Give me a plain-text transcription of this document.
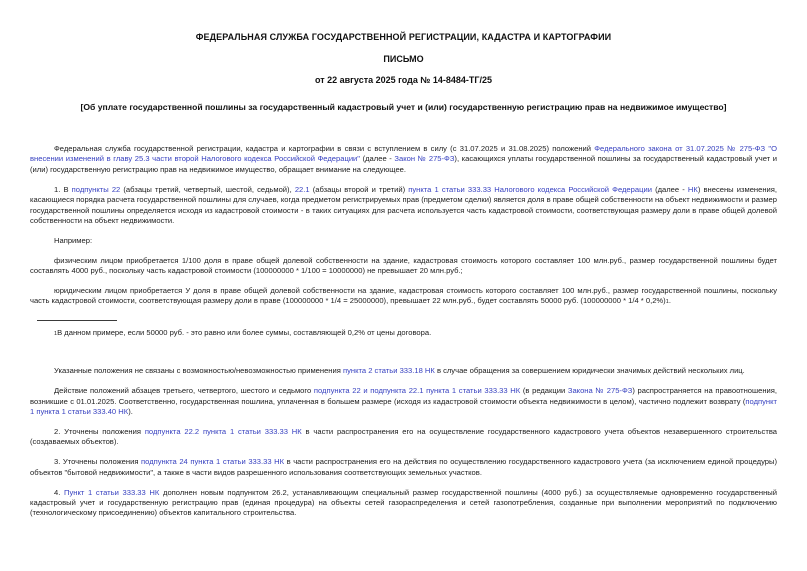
ФЕДЕРАЛЬНАЯ СЛУЖБА ГОСУДАРСТВЕННОЙ РЕГИСТРАЦИИ, КАДАСТРА И КАРТОГРАФИИ
ПИСЬМО
от 22 августа 2025 года № 14-8484-ТГ/25
[Об уплате государственной пошлины за государственный кадастровый учет и (или) государственную регистрацию прав на недвижимое имущество]

Федеральная служба государственной регистрации, кадастра и картографии в связи с вступлением в силу (с 31.07.2025 и 31.08.2025) положений Федерального закона от 31.07.2025 № 275-ФЗ "О внесении изменений в главу 25.3 части второй Налогового кодекса Российской Федерации" (далее - Закон № 275-ФЗ), касающихся уплаты государственной пошлины за государственный кадастровый учет и (или) государственную регистрацию прав на недвижимое имущество, обращает внимание на следующее.

1. В подпункты 22 (абзацы третий, четвертый, шестой, седьмой), 22.1 (абзацы второй и третий) пункта 1 статьи 333.33 Налогового кодекса Российской Федерации (далее - НК) внесены изменения, касающиеся порядка расчета государственной пошлины для случаев, когда предметом регистрируемых прав (предметом сделки) является доля в праве общей собственности на объект недвижимости и размер государственной пошлины определяется исходя из кадастровой стоимости - в таких ситуациях для расчета используется часть кадастровой стоимости, соответствующая размеру доли в праве общей долевой собственности на объект недвижимости.

Например:

физическим лицом приобретается 1/100 доля в праве общей долевой собственности на здание, кадастровая стоимость которого составляет 100 млн.руб., размер государственной пошлины будет составлять 4000 руб., поскольку часть кадастровой стоимости (100000000 * 1/100 = 10000000) не превышает 20 млн.руб.;

юридическим лицом приобретается У доля в праве общей долевой собственности на здание, кадастровая стоимость которого составляет 100 млн.руб., размер государственной пошлины, поскольку часть кадастровой стоимости, соответствующая размеру доли в праве (100000000 * 1/4 = 25000000), превышает 22 млн.руб., будет составлять 50000 руб. (100000000 * 1/4 * 0,2%)1.

1В данном примере, если 50000 руб. - это равно или более суммы, составляющей 0,2% от цены договора.

Указанные положения не связаны с возможностью/невозможностью применения пункта 2 статьи 333.18 НК в случае обращения за совершением юридически значимых действий нескольких лиц.

Действие положений абзацев третьего, четвертого, шестого и седьмого подпункта 22 и подпункта 22.1 пункта 1 статьи 333.33 НК (в редакции Закона № 275-ФЗ) распространяется на правоотношения, возникшие с 01.01.2025. Соответственно, государственная пошлина, уплаченная в большем размере (исходя из кадастровой стоимости объекта недвижимости в целом), частично подлежит возврату (подпункт 1 пункта 1 статьи 333.40 НК).

2. Уточнены положения подпункта 22.2 пункта 1 статьи 333.33 НК в части распространения его на осуществление государственного кадастрового учета объектов незавершенного строительства (создаваемых объектов).

3. Уточнены положения подпункта 24 пункта 1 статьи 333.33 НК в части распространения его на действия по осуществлению государственного кадастрового учета (за исключением единой процедуры) объектов "бытовой недвижимости", а также в части видов разрешенного использования соответствующих земельных участков.

4. Пункт 1 статьи 333.33 НК дополнен новым подпунктом 26.2, устанавливающим специальный размер государственной пошлины (4000 руб.) за осуществляемые одновременно государственный кадастровый учет и государственную регистрацию прав (единая процедура) на объекты сетей газораспределения и сетей газопотребления, созданные при выполнении мероприятий по подключению (технологическому присоединению) объектов капитального строительства.
